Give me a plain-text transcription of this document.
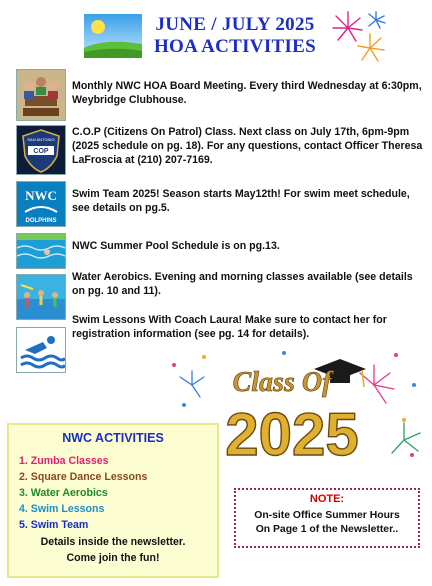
JUNE / JULY 2025
HOA ACTIVITIES
Monthly NWC HOA Board Meeting. Every third Wednesday at 6:30pm, Weybridge Clubhouse.
COP
SAN ANTONIO
C.O.P (Citizens On Patrol) Class. Next class on July 17th, 6pm-9pm (2025 schedule on pg. 18). For any questions, contact Officer Theresa LaFroscia at (210) 207-7169.
NWC
DOLPHINS
Swim Team 2025! Season starts May12th! For swim meet schedule, see details on pg.5.
NWC Summer Pool Schedule is on pg.13.
Water Aerobics. Evening and morning classes available (see details on pg. 10 and 11).
Swim Lessons With Coach Laura! Make sure to contact her for registration information (see pg. 14 for details).
Class Of
2025
NWC ACTIVITIES
1. Zumba Classes
2. Square Dance Lessons
3. Water Aerobics
4. Swim Lessons
5. Swim Team
Details inside the newsletter.
Come join the fun!
NOTE:
On-site Office Summer Hours
On Page 1 of the Newsletter..
